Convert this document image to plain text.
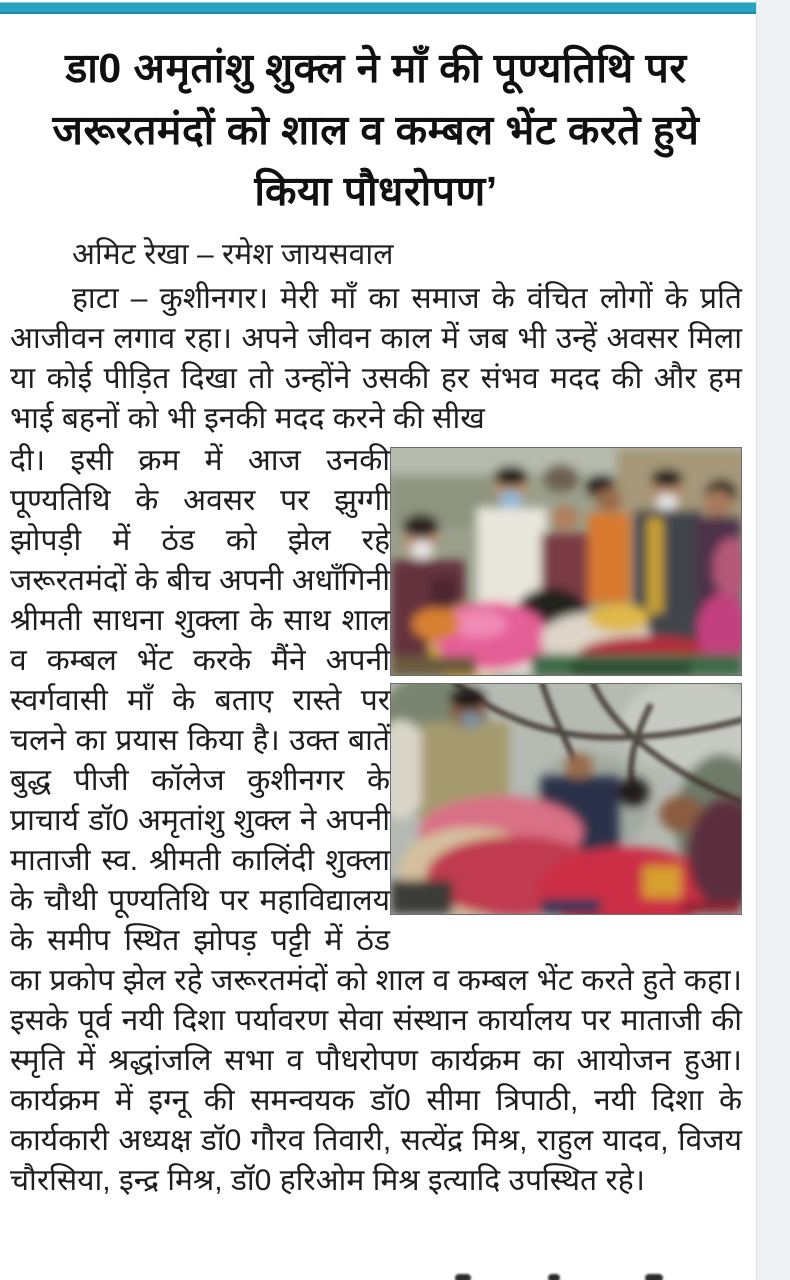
डा0 अमृतांशु शुक्ल ने माँ की पूण्यतिथि पर जरूरतमंदों को शाल व कम्बल भेंट करते हुये किया पौधरोपण’

अमिट रेखा – रमेश जायसवाल

हाटा – कुशीनगर। मेरी माँ का समाज के वंचित लोगों के प्रति आजीवन लगाव रहा। अपने जीवन काल में जब भी उन्हें अवसर मिला या कोई पीड़ित दिखा तो उन्होंने उसकी हर संभव मदद की और हम भाई बहनों को भी इनकी मदद करने की सीख

दी। इसी क्रम में आज उनकी पूण्यतिथि के अवसर पर झुग्गी झोपड़ी में ठंड को झेल रहे जरूरतमंदों के बीच अपनी अधाँगिनी श्रीमती साधना शुक्ला के साथ शाल व कम्बल भेंट करके मैंने अपनी स्वर्गवासी माँ के बताए रास्ते पर चलने का प्रयास किया है। उक्त बातें बुद्ध पीजी कॉलेज कुशीनगर के प्राचार्य डॉ0 अमृतांशु शुक्ल ने अपनी माताजी स्व. श्रीमती कालिंदी शुक्ला के चौथी पूण्यतिथि पर महाविद्यालय के समीप स्थित झोपड़ पट्टी में ठंड का प्रकोप झेल रहे जरूरतमंदों को शाल व कम्बल भेंट करते हुते कहा। इसके पूर्व नयी दिशा पर्यावरण सेवा संस्थान कार्यालय पर माताजी की स्मृति में श्रद्धांजलि सभा व पौधरोपण कार्यक्रम का आयोजन हुआ। कार्यक्रम में इग्नू की समन्वयक डॉ0 सीमा त्रिपाठी, नयी दिशा के कार्यकारी अध्यक्ष डॉ0 गौरव तिवारी, सत्येंद्र मिश्र, राहुल यादव, विजय चौरसिया, इन्द्र मिश्र, डॉ0 हरिओम मिश्र इत्यादि उपस्थित रहे।
